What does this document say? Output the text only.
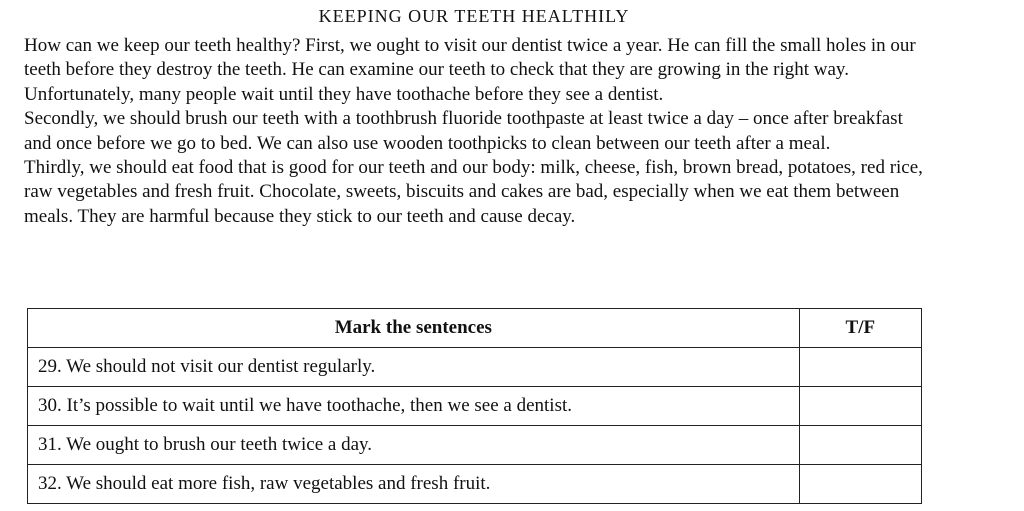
KEEPING OUR TEETH HEALTHILY

How can we keep our teeth healthy? First, we ought to visit our dentist twice a year. He can fill the small holes in our teeth before they destroy the teeth. He can examine our teeth to check that they are growing in the right way. Unfortunately, many people wait until they have toothache before they see a dentist.

Secondly, we should brush our teeth with a toothbrush fluoride toothpaste at least twice a day – once after breakfast and once before we go to bed. We can also use wooden toothpicks to clean between our teeth after a meal.

Thirdly, we should eat food that is good for our teeth and our body: milk, cheese, fish, brown bread, potatoes, red rice, raw vegetables and fresh fruit. Chocolate, sweets, biscuits and cakes are bad, especially when we eat them between meals. They are harmful because they stick to our teeth and cause decay.

Mark the sentences	T/F
29. We should not visit our dentist regularly.	
30. It’s possible to wait until we have toothache, then we see a dentist.	
31. We ought to brush our teeth twice a day.	
32. We should eat more fish, raw vegetables and fresh fruit.	
